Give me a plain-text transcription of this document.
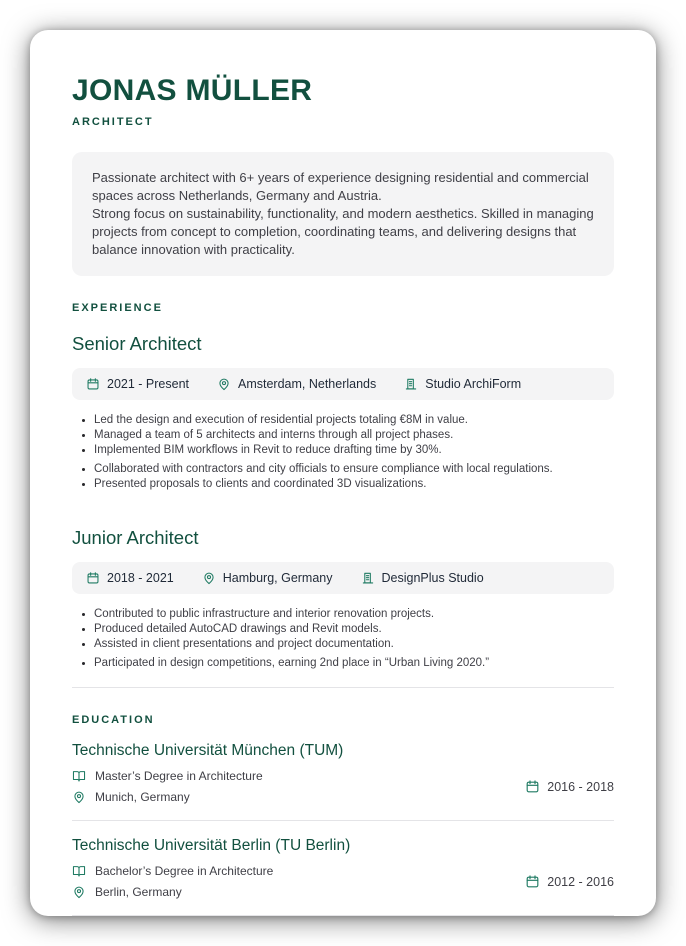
JONAS MÜLLER
ARCHITECT

Passionate architect with 6+ years of experience designing residential and commercial spaces across Netherlands, Germany and Austria.

Strong focus on sustainability, functionality, and modern aesthetics. Skilled in managing projects from concept to completion, coordinating teams, and delivering designs that balance innovation with practicality.

EXPERIENCE
Senior Architect
2021 - Present	Amsterdam, Netherlands	Studio ArchiForm
• Led the design and execution of residential projects totaling €8M in value.
• Managed a team of 5 architects and interns through all project phases.
• Implemented BIM workflows in Revit to reduce drafting time by 30%.
• Collaborated with contractors and city officials to ensure compliance with local regulations.
• Presented proposals to clients and coordinated 3D visualizations.
Junior Architect
2018 - 2021	Hamburg, Germany	DesignPlus Studio
• Contributed to public infrastructure and interior renovation projects.
• Produced detailed AutoCAD drawings and Revit models.
• Assisted in client presentations and project documentation.
• Participated in design competitions, earning 2nd place in “Urban Living 2020.”
EDUCATION
Technische Universität München (TUM)
Master’s Degree in Architecture
Munich, Germany
2016 - 2018
Technische Universität Berlin (TU Berlin)
Bachelor’s Degree in Architecture
Berlin, Germany
2012 - 2016
